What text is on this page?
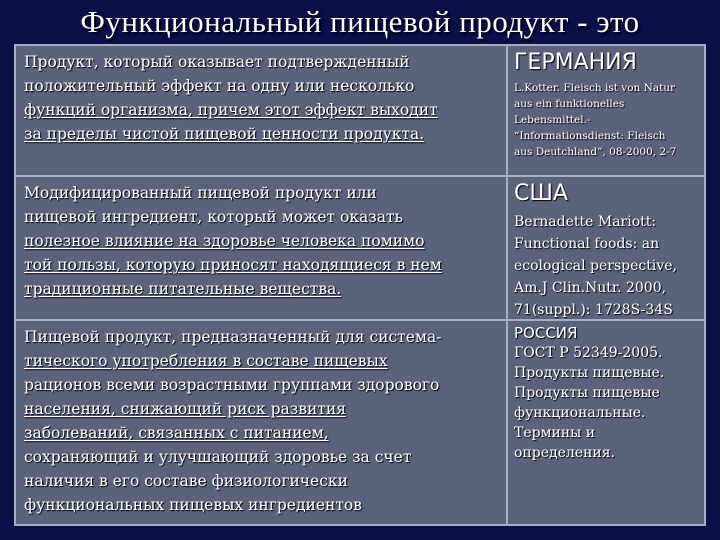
Функциональный пищевой продукт - это
Продукт, который оказывает подтвержденный
положительный эффект на одну или несколько
функций организма, причем этот эффект выходит
за пределы чистой пищевой ценности продукта.
ГЕРМАНИЯ
L.Kotter. Fleisch ist von Natur
aus ein funktionelles
Lebensmittel.-
“Informationsdienst: Fleisch
aus Deutchland”, 08-2000, 2-7
Модифицированный пищевой продукт или
пищевой ингредиент, который может оказать
полезное влияние на здоровье человека помимо
той пользы, которую приносят находящиеся в нем
традиционные питательные вещества.
США
Bernadette Mariott:
Functional foods: an
ecological perspective,
Am.J Clin.Nutr. 2000,
71(suppl.): 1728S-34S
Пищевой продукт, предназначенный для система-
тического употребления в составе пищевых
рационов всеми возрастными группами здорового
населения, снижающий риск развития
заболеваний, связанных с питанием,
сохраняющий и улучшающий здоровье за счет
наличия в его составе физиологически
функциональных пищевых ингредиентов
РОССИЯ
ГОСТ Р 52349-2005.
Продукты пищевые.
Продукты пищевые
функциональные.
Термины и
определения.
